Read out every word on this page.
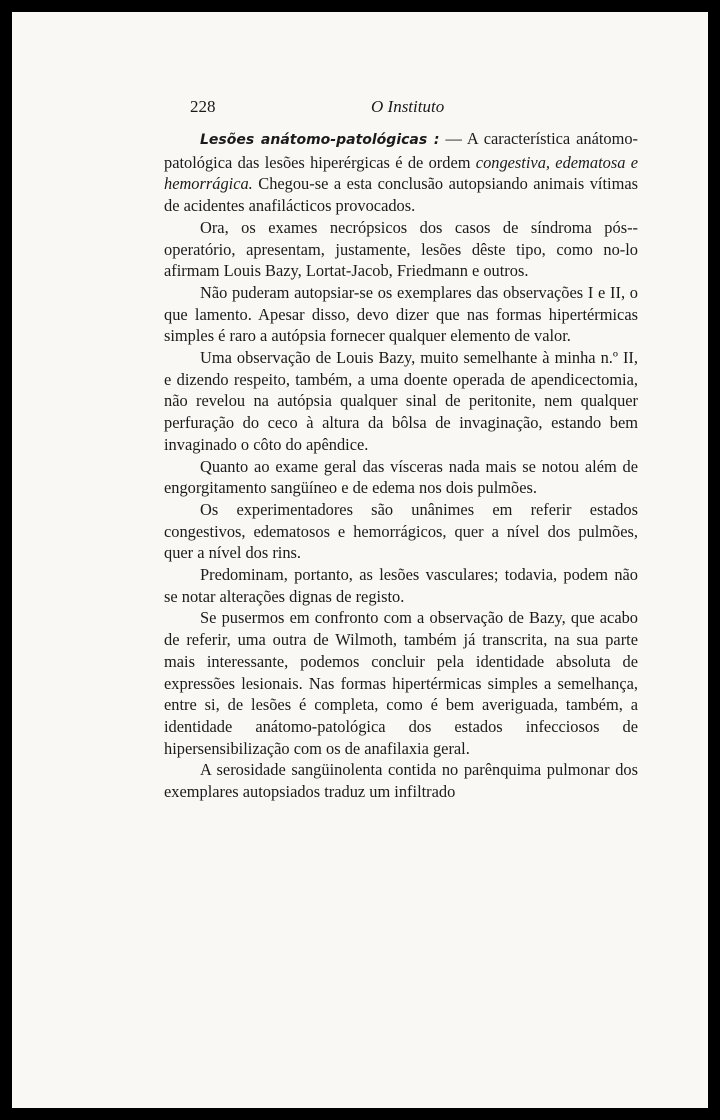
228	O Instituto

Lesões anátomo-patológicas : — A característica anátomo-patológica das lesões hiperérgicas é de ordem congestiva, edematosa e hemorrágica. Chegou-se a esta conclusão autopsiando animais vítimas de acidentes anafilácticos provocados.

Ora, os exames necrópsicos dos casos de síndroma pós--operatório, apresentam, justamente, lesões dêste tipo, como no-lo afirmam Louis Bazy, Lortat-Jacob, Friedmann e outros.

Não puderam autopsiar-se os exemplares das observações I e II, o que lamento. Apesar disso, devo dizer que nas formas hipertérmicas simples é raro a autópsia fornecer qualquer elemento de valor.

Uma observação de Louis Bazy, muito semelhante à minha n.º II, e dizendo respeito, também, a uma doente operada de apendicectomia, não revelou na autópsia qualquer sinal de peritonite, nem qualquer perfuração do ceco à altura da bôlsa de invaginação, estando bem invaginado o côto do apêndice.

Quanto ao exame geral das vísceras nada mais se notou além de engorgitamento sangüíneo e de edema nos dois pulmões.

Os experimentadores são unânimes em referir estados congestivos, edematosos e hemorrágicos, quer a nível dos pulmões, quer a nível dos rins.

Predominam, portanto, as lesões vasculares; todavia, podem não se notar alterações dignas de registo.

Se pusermos em confronto com a observação de Bazy, que acabo de referir, uma outra de Wilmoth, também já transcrita, na sua parte mais interessante, podemos concluir pela identidade absoluta de expressões lesionais. Nas formas hipertérmicas simples a semelhança, entre si, de lesões é completa, como é bem averiguada, também, a identidade anátomo-patológica dos estados infecciosos de hipersensibilização com os de anafilaxia geral.

A serosidade sangüinolenta contida no parênquima pulmonar dos exemplares autopsiados traduz um infiltrado
